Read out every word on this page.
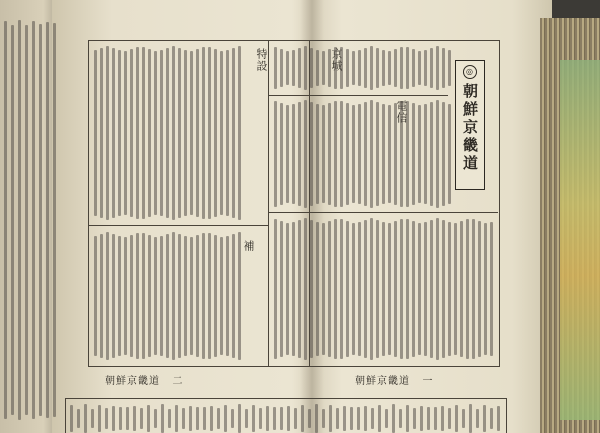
◎朝鮮京畿道
特設
補
朝鮮京畿道 一
朝鮮京畿道 二
